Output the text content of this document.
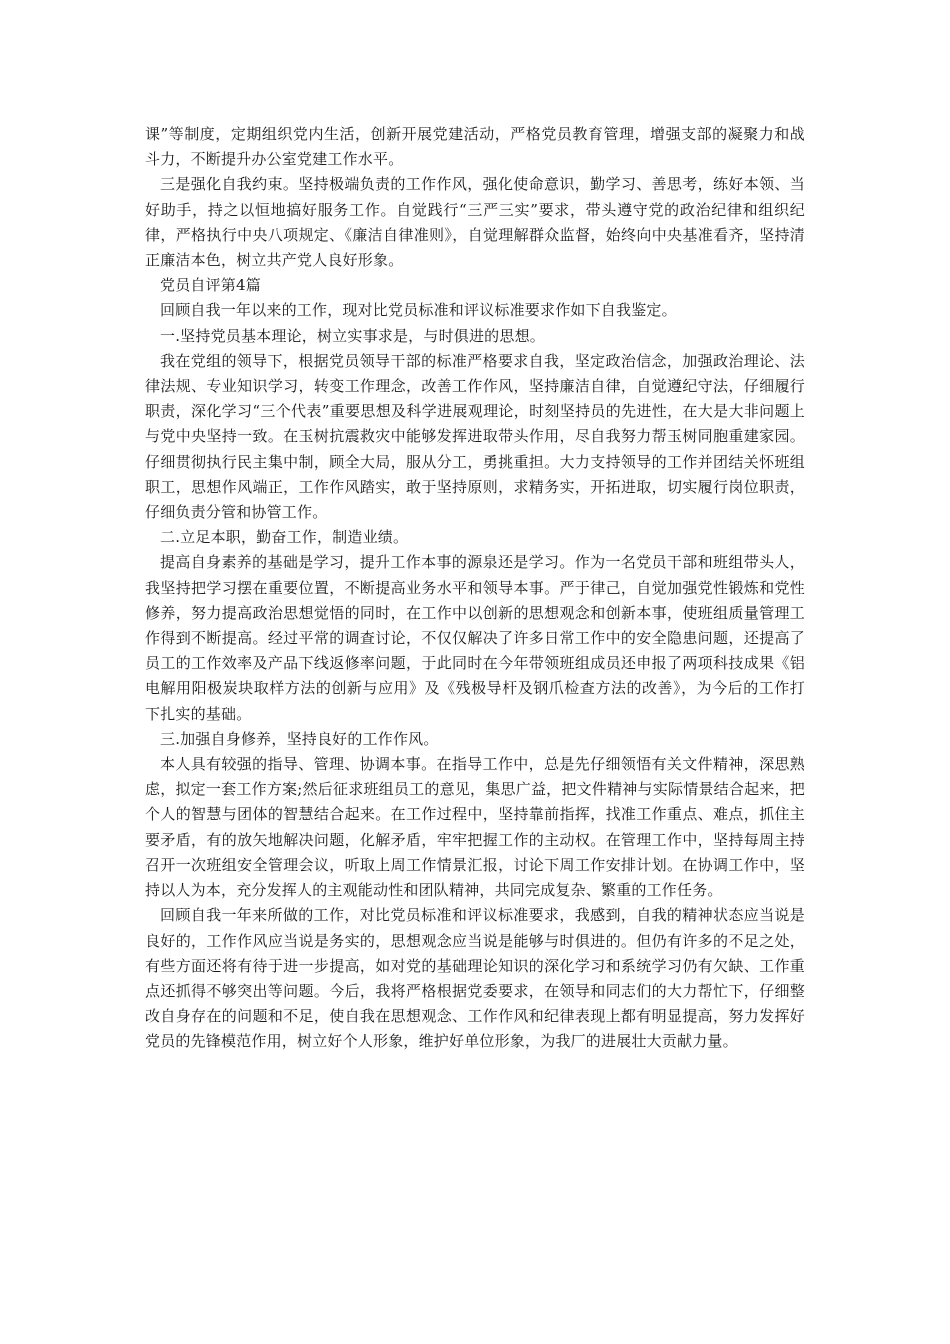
课”等制度，定期组织党内生活，创新开展党建活动，严格党员教育管理，增强支部的凝聚力和战斗力，不断提升办公室党建工作水平。

三是强化自我约束。坚持极端负责的工作作风，强化使命意识，勤学习、善思考，练好本领、当好助手，持之以恒地搞好服务工作。自觉践行“三严三实”要求，带头遵守党的政治纪律和组织纪律，严格执行中央八项规定、《廉洁自律准则》，自觉理解群众监督，始终向中央基准看齐，坚持清正廉洁本色，树立共产党人良好形象。

党员自评第4篇

回顾自我一年以来的工作，现对比党员标准和评议标准要求作如下自我鉴定。

一.坚持党员基本理论，树立实事求是，与时俱进的思想。

我在党组的领导下，根据党员领导干部的标准严格要求自我，坚定政治信念，加强政治理论、法律法规、专业知识学习，转变工作理念，改善工作作风，坚持廉洁自律，自觉遵纪守法，仔细履行职责，深化学习“三个代表”重要思想及科学进展观理论，时刻坚持员的先进性，在大是大非问题上与党中央坚持一致。在玉树抗震救灾中能够发挥进取带头作用，尽自我努力帮玉树同胞重建家园。仔细贯彻执行民主集中制，顾全大局，服从分工，勇挑重担。大力支持领导的工作并团结关怀班组职工，思想作风端正，工作作风踏实，敢于坚持原则，求精务实，开拓进取，切实履行岗位职责，仔细负责分管和协管工作。

二.立足本职，勤奋工作，制造业绩。

提高自身素养的基础是学习，提升工作本事的源泉还是学习。作为一名党员干部和班组带头人，我坚持把学习摆在重要位置，不断提高业务水平和领导本事。严于律己，自觉加强党性锻炼和党性修养，努力提高政治思想觉悟的同时，在工作中以创新的思想观念和创新本事，使班组质量管理工作得到不断提高。经过平常的调查讨论，不仅仅解决了许多日常工作中的安全隐患问题，还提高了员工的工作效率及产品下线返修率问题，于此同时在今年带领班组成员还申报了两项科技成果《铝电解用阳极炭块取样方法的创新与应用》及《残极导杆及钢爪检查方法的改善》，为今后的工作打下扎实的基础。

三.加强自身修养，坚持良好的工作作风。

本人具有较强的指导、管理、协调本事。在指导工作中，总是先仔细领悟有关文件精神，深思熟虑，拟定一套工作方案;然后征求班组员工的意见，集思广益，把文件精神与实际情景结合起来，把个人的智慧与团体的智慧结合起来。在工作过程中，坚持靠前指挥，找准工作重点、难点，抓住主要矛盾，有的放矢地解决问题，化解矛盾，牢牢把握工作的主动权。在管理工作中，坚持每周主持召开一次班组安全管理会议，听取上周工作情景汇报，讨论下周工作安排计划。在协调工作中，坚持以人为本，充分发挥人的主观能动性和团队精神，共同完成复杂、繁重的工作任务。

回顾自我一年来所做的工作，对比党员标准和评议标准要求，我感到，自我的精神状态应当说是良好的，工作作风应当说是务实的，思想观念应当说是能够与时俱进的。但仍有许多的不足之处，有些方面还将有待于进一步提高，如对党的基础理论知识的深化学习和系统学习仍有欠缺、工作重点还抓得不够突出等问题。今后，我将严格根据党委要求，在领导和同志们的大力帮忙下，仔细整改自身存在的问题和不足，使自我在思想观念、工作作风和纪律表现上都有明显提高，努力发挥好党员的先锋模范作用，树立好个人形象，维护好单位形象，为我厂的进展壮大贡献力量。
